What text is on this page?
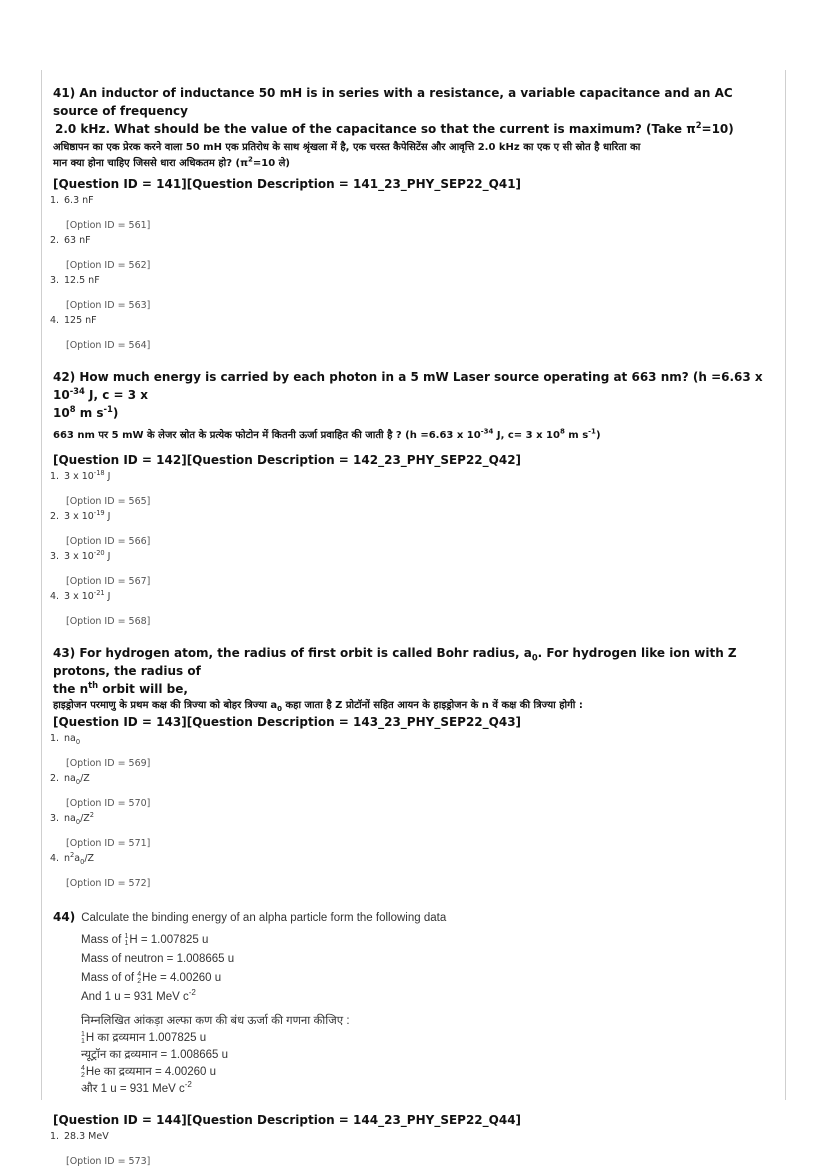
41) An inductor of inductance 50 mH is in series with a resistance, a variable capacitance and an AC source of frequency
2.0 kHz. What should be the value of the capacitance so that the current is maximum? (Take $\pi^2=10$)

अधिष्ठापन का एक प्रेरक करने वाला 50 mH एक प्रतिरोध के साथ श्रृंखला में है, एक चरस्त कैपेसिटेंस और आवृत्ति 2.0 kHz का एक ए सी स्रोत है धारिता का
मान क्या होना चाहिए जिससे धारा अधिकतम हो? ($\pi^2=10$ ले)

[Question ID = 141][Question Description = 141_23_PHY_SEP22_Q41]

1. 6.3 nF
[Option ID = 561]
2. 63 nF
[Option ID = 562]
3. 12.5 nF
[Option ID = 563]
4. 125 nF
[Option ID = 564]

42) How much energy is carried by each photon in a 5 mW Laser source operating at 663 nm? (h =6.63 x $10^{-34}$ J, c = 3 x
$10^8$ m $s^{-1}$)

663 nm पर 5 mW के लेजर स्रोत के प्रत्येक फोटोन में कितनी ऊर्जा प्रवाहित की जाती है ? (h =6.63 x $10^{-34}$ J, c= 3 x $10^8$ m $s^{-1}$)

[Question ID = 142][Question Description = 142_23_PHY_SEP22_Q42]

1. 3 x $10^{-18}$ J
[Option ID = 565]
2. 3 x $10^{-19}$ J
[Option ID = 566]
3. 3 x $10^{-20}$ J
[Option ID = 567]
4. 3 x $10^{-21}$ J
[Option ID = 568]

43) For hydrogen atom, the radius of first orbit is called Bohr radius, $a_0$. For hydrogen like ion with Z protons, the radius of
the $n^{th}$ orbit will be,

हाइड्रोजन परमाणु के प्रथम कक्ष की त्रिज्या को बोहर त्रिज्या $a_0$ कहा जाता है Z प्रोटॉनों सहित आयन के हाइड्रोजन के n वें कक्ष की त्रिज्या होगी :

[Question ID = 143][Question Description = 143_23_PHY_SEP22_Q43]

1. $na_0$
[Option ID = 569]
2. $na_0/Z$
[Option ID = 570]
3. $na_0/Z^2$
[Option ID = 571]
4. $n^2a_0/Z$
[Option ID = 572]

44) Calculate the binding energy of an alpha particle form the following data

Mass of 1
1H = 1.007825 u
Mass of neutron = 1.008665 u
Mass of of 4
2He = 4.00260 u
And 1 u = 931 MeV $c^{-2}$
निम्नलिखित आंकड़ा अल्फा कण की बंध ऊर्जा की गणना कीजिए :
1
1H का द्रव्यमान 1.007825 u
न्यूट्रॉन का द्रव्यमान = 1.008665 u
4
2He का द्रव्यमान = 4.00260 u
और 1 u = 931 MeV $c^{-2}$

[Question ID = 144][Question Description = 144_23_PHY_SEP22_Q44]

1. 28.3 MeV
[Option ID = 573]
